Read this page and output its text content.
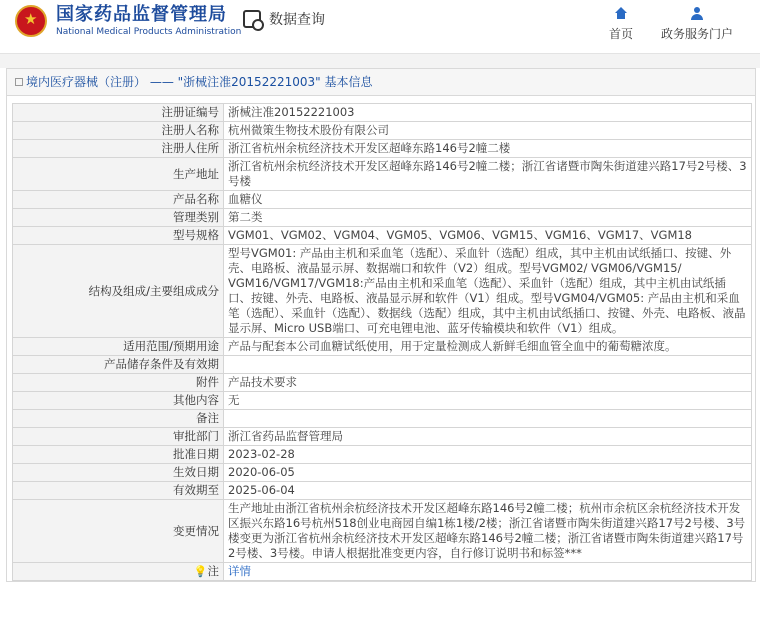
★
国家药品监督管理局
National Medical Products Administration
数据查询
首页	政务服务门户
境内医疗器械（注册） —— "浙械注准20152221003" 基本信息
注册证编号	浙械注准20152221003
注册人名称	杭州微策生物技术股份有限公司
注册人住所	浙江省杭州余杭经济技术开发区超峰东路146号2幢二楼
生产地址	浙江省杭州余杭经济技术开发区超峰东路146号2幢二楼；浙江省诸暨市陶朱街道建兴路17号2号楼、3号楼
产品名称	血糖仪
管理类别	第二类
型号规格	VGM01、VGM02、VGM04、VGM05、VGM06、VGM15、VGM16、VGM17、VGM18
结构及组成/主要组成成分	型号VGM01: 产品由主机和采血笔（选配）、采血针（选配）组成，其中主机由试纸插口、按键、外壳、电路板、液晶显示屏、数据端口和软件（V2）组成。型号VGM02/ VGM06/VGM15/ VGM16/VGM17/VGM18:产品由主机和采血笔（选配）、采血针（选配）组成，其中主机由试纸插口、按键、外壳、电路板、液晶显示屏和软件（V1）组成。型号VGM04/VGM05: 产品由主机和采血笔（选配）、采血针（选配）、数据线（选配）组成，其中主机由试纸插口、按键、外壳、电路板、液晶显示屏、Micro USB端口、可充电锂电池、蓝牙传输模块和软件（V1）组成。
适用范围/预期用途	产品与配套本公司血糖试纸使用，用于定量检测成人新鲜毛细血管全血中的葡萄糖浓度。
产品储存条件及有效期	
附件	产品技术要求
其他内容	无
备注	
审批部门	浙江省药品监督管理局
批准日期	2023-02-28
生效日期	2020-06-05
有效期至	2025-06-04
变更情况	生产地址由浙江省杭州余杭经济技术开发区超峰东路146号2幢二楼；杭州市余杭区余杭经济技术开发区振兴东路16号杭州518创业电商园自编1栋1楼/2楼；浙江省诸暨市陶朱街道建兴路17号2号楼、3号楼变更为浙江省杭州余杭经济技术开发区超峰东路146号2幢二楼；浙江省诸暨市陶朱街道建兴路17号2号楼、3号楼。申请人根据批准变更内容，自行修订说明书和标签***
💡注	详情
